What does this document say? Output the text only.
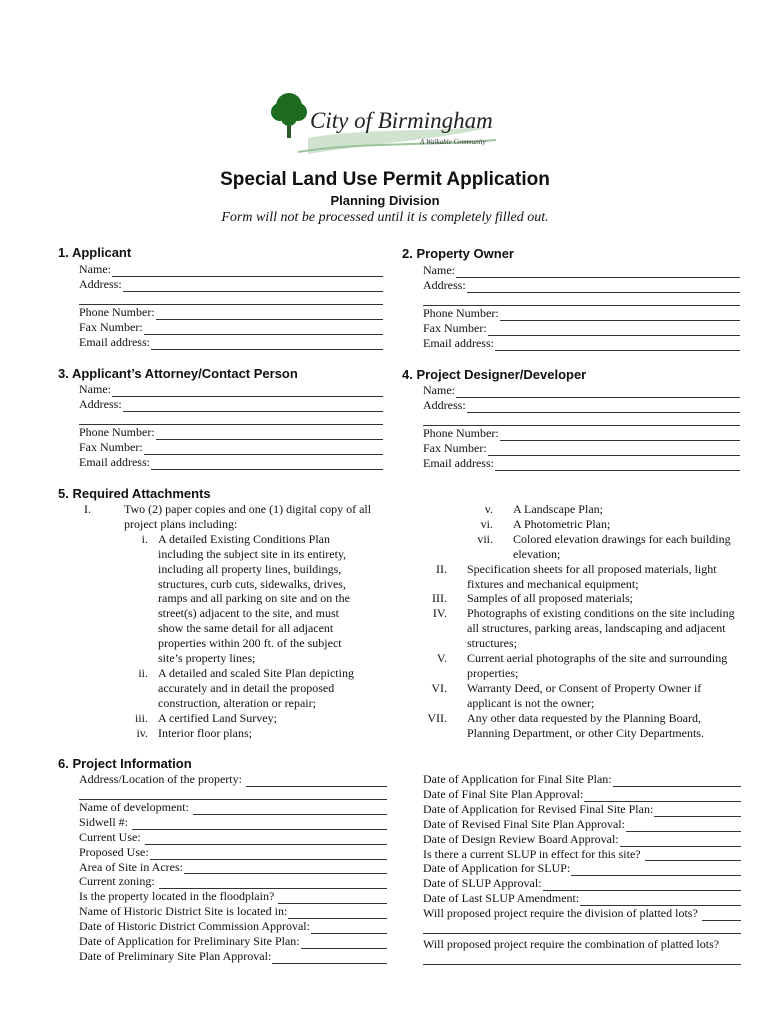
City of Birmingham
A Walkable Community
Special Land Use Permit Application
Planning Division
Form will not be processed until it is completely filled out.
1. Applicant
Name:
Address:
Phone Number:
Fax Number:
Email address:
2. Property Owner
Name:
Address:
Phone Number:
Fax Number:
Email address:
3. Applicant’s Attorney/Contact Person
Name:
Address:
Phone Number:
Fax Number:
Email address:
4. Project Designer/Developer
Name:
Address:
Phone Number:
Fax Number:
Email address:
5. Required Attachments
I.	Two (2) paper copies and one (1) digital copy of all project plans including:
i. A detailed Existing Conditions Plan including the subject site in its entirety, including all property lines, buildings, structures, curb cuts, sidewalks, drives, ramps and all parking on site and on the street(s) adjacent to the site, and must show the same detail for all adjacent properties within 200 ft. of the subject site’s property lines;
ii. A detailed and scaled Site Plan depicting accurately and in detail the proposed construction, alteration or repair;
iii. A certified Land Survey;
iv. Interior floor plans;
v.	A Landscape Plan;
vi.	A Photometric Plan;
vii.	Colored elevation drawings for each building elevation;
II.	Specification sheets for all proposed materials, light fixtures and mechanical equipment;
III.	Samples of all proposed materials;
IV.	Photographs of existing conditions on the site including all structures, parking areas, landscaping and adjacent structures;
V.	Current aerial photographs of the site and surrounding properties;
VI.	Warranty Deed, or Consent of Property Owner if applicant is not the owner;
VII.	Any other data requested by the Planning Board, Planning Department, or other City Departments.
6. Project Information
Address/Location of the property:
Name of development:
Sidwell #:
Current Use:
Proposed Use:
Area of Site in Acres:
Current zoning:
Is the property located in the floodplain?
Name of Historic District Site is located in:
Date of Historic District Commission Approval:
Date of Application for Preliminary Site Plan:
Date of Preliminary Site Plan Approval:
Date of Application for Final Site Plan:
Date of Final Site Plan Approval:
Date of Application for Revised Final Site Plan:
Date of Revised Final Site Plan Approval:
Date of Design Review Board Approval:
Is there a current SLUP in effect for this site?
Date of Application for SLUP:
Date of SLUP Approval:
Date of Last SLUP Amendment:
Will proposed project require the division of platted lots?
Will proposed project require the combination of platted lots?
